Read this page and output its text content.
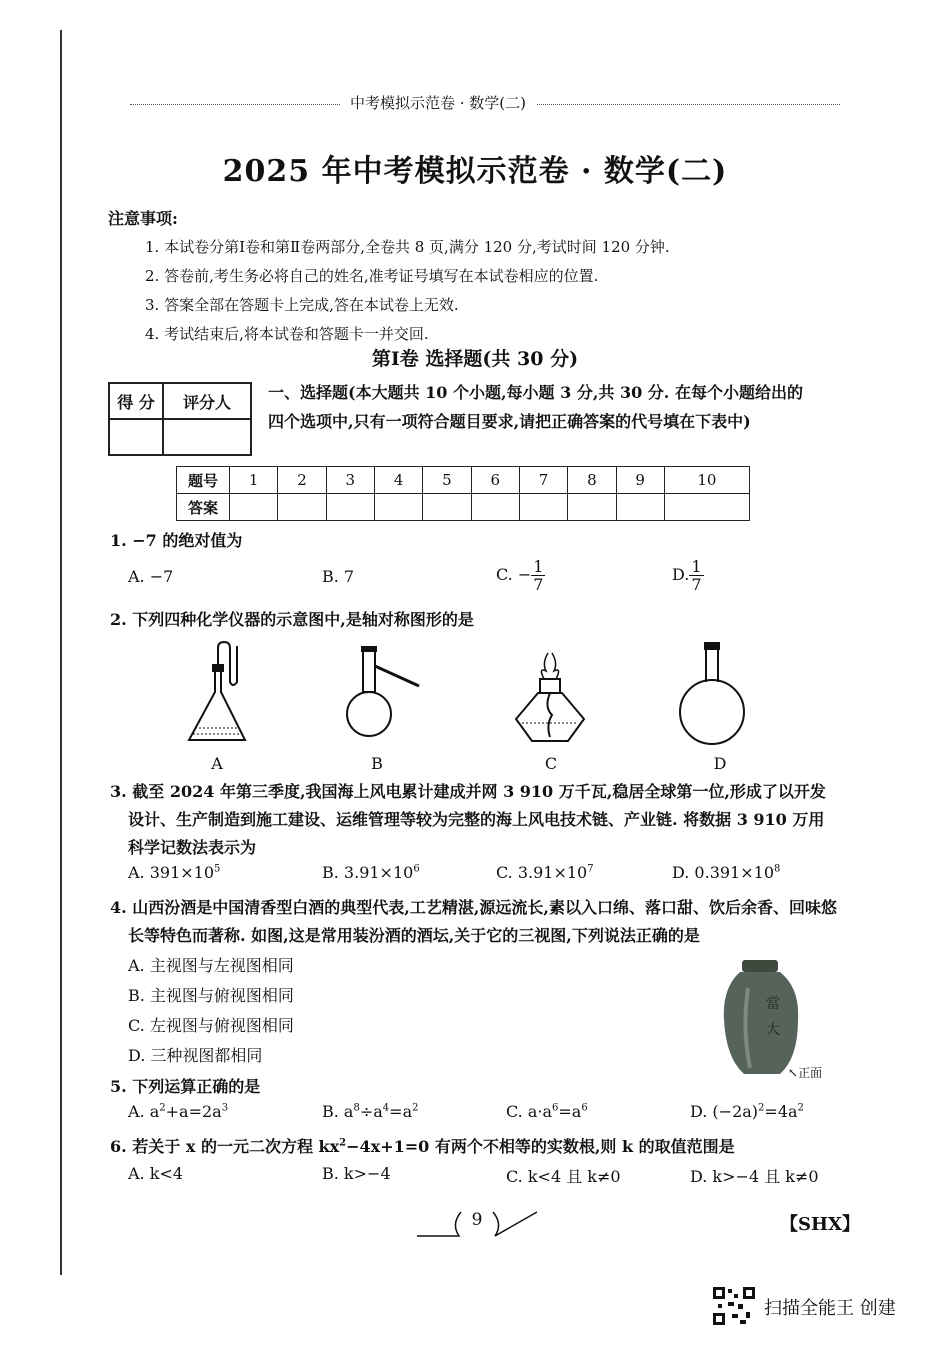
中考模拟示范卷 · 数学(二)
2025 年中考模拟示范卷 · 数学(二)
注意事项:
1. 本试卷分第Ⅰ卷和第Ⅱ卷两部分,全卷共 8 页,满分 120 分,考试时间 120 分钟.
2. 答卷前,考生务必将自己的姓名,准考证号填写在本试卷相应的位置.
3. 答案全部在答题卡上完成,答在本试卷上无效.
4. 考试结束后,将本试卷和答题卡一并交回.
第Ⅰ卷 选择题(共 30 分)
得 分	评分人
	一、选择题(本大题共 10 个小题,每小题 3 分,共 30 分. 在每个小题给出的四个选项中,只有一项符合题目要求,请把正确答案的代号填在下表中)
题号	1	2	3	4	5	6	7	8	9	10
答案										
1. −7 的绝对值为
A. −7	B. 7	C. − $\frac{1}{7}$	D. $\frac{1}{7}$
2. 下列四种化学仪器的示意图中,是轴对称图形的是
A	B	C	D
3. 截至 2024 年第三季度,我国海上风电累计建成并网 3 910 万千瓦,稳居全球第一位,形成了以开发设计、生产制造到施工建设、运维管理等较为完整的海上风电技术链、产业链. 将数据 3 910 万用科学记数法表示为
A. $391\times 10^5$	B. $3.91\times 10^6$	C. $3.91\times 10^7$	D. $0.391\times 10^8$
4. 山西汾酒是中国清香型白酒的典型代表,工艺精湛,源远流长,素以入口绵、落口甜、饮后余香、回味悠长等特色而著称. 如图,这是常用装汾酒的酒坛,关于它的三视图,下列说法正确的是
A. 主视图与左视图相同
B. 主视图与俯视图相同
C. 左视图与俯视图相同
D. 三种视图都相同
當
大
↖正面
5. 下列运算正确的是
A. $a^2+a=2a^3$	B. $a^8\div a^4=a^2$	C. $a\cdot a^6=a^6$	D. $(-2a)^2=4a^2$
6. 若关于 x 的一元二次方程 $kx^2-4x+1=0$ 有两个不相等的实数根,则 k 的取值范围是
A. k<4	B. k>−4	C. k<4 且 k≠0	D. k>−4 且 k≠0
9	【SHX】
扫描全能王 创建
